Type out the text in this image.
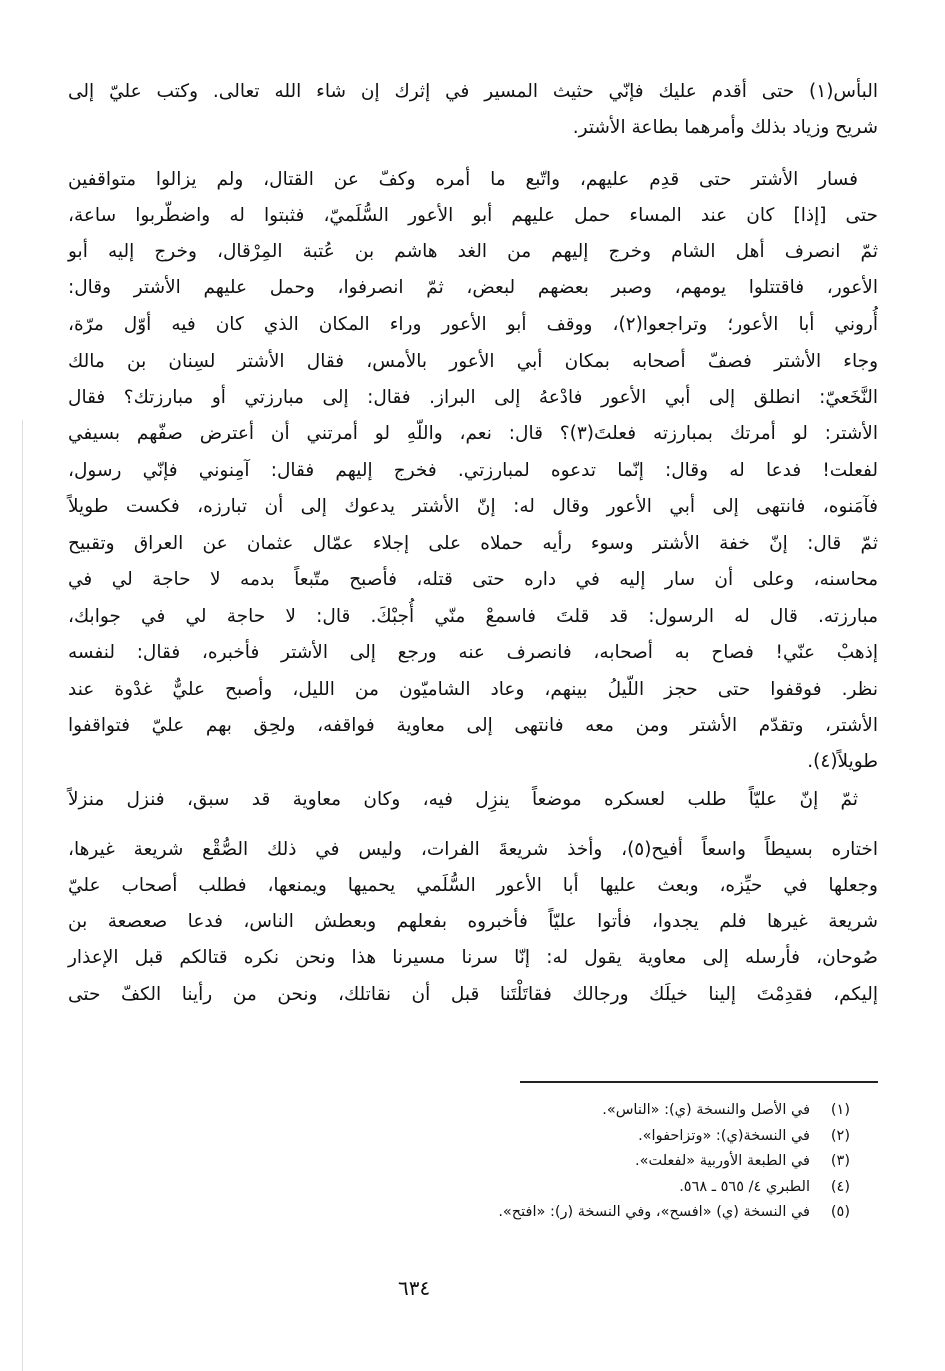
البأس(١) حتى أقدم عليك فإنّي حثيث المسير في إثرك إن شاء الله تعالى. وكتب عليّ إلى
شريح وزياد بذلك وأمرهما بطاعة الأشتر.
فسار الأشتر حتى قدِم عليهم، واتّبع ما أمره وكفّ عن القتال، ولم يزالوا متواقفين
حتى [إذا] كان عند المساء حمل عليهم أبو الأعور السُّلَميّ، فثبتوا له واضطّربوا ساعة،
ثمّ انصرف أهل الشام وخرج إليهم من الغد هاشم بن عُتبة المِرْقال، وخرج إليه أبو
الأعور، فاقتتلوا يومهم، وصبر بعضهم لبعض، ثمّ انصرفوا، وحمل عليهم الأشتر وقال:
أُروني أبا الأعور؛ وتراجعوا(٢)، ووقف أبو الأعور وراء المكان الذي كان فيه أوّل مرّة،
وجاء الأشتر فصفّ أصحابه بمكان أبي الأعور بالأمس، فقال الأشتر لسِنان بن مالك
النَّخَعيّ: انطلق إلى أبي الأعور فادْعهُ إلى البراز. فقال: إلى مبارزتي أو مبارزتك؟ فقال
الأشتر: لو أمرتك بمبارزته فعلتَ(٣)؟ قال: نعم، واللّهِ لو أمرتني أن أعترض صفّهم بسيفي
لفعلت! فدعا له وقال: إنّما تدعوه لمبارزتي. فخرج إليهم فقال: آمِنوني فإنّي رسول،
فآمَنوه، فانتهى إلى أبي الأعور وقال له: إنّ الأشتر يدعوك إلى أن تبارزه، فكست طويلاً
ثمّ قال: إنّ خفة الأشتر وسوء رأيه حملاه على إجلاء عمّال عثمان عن العراق وتقبيح
محاسنه، وعلى أن سار إليه في داره حتى قتله، فأصبح متّبعاً بدمه لا حاجة لي في
مبارزته. قال له الرسول: قد قلتَ فاسمعْ منّي أُجبْكَ. قال: لا حاجة لي في جوابك،
إذهبْ عنّي! فصاح به أصحابه، فانصرف عنه ورجع إلى الأشتر فأخبره، فقال: لنفسه
نظر. فوقفوا حتى حجز اللّيلُ بينهم، وعاد الشاميّون من الليل، وأصبح عليٌّ غدْوة عند
الأشتر، وتقدّم الأشتر ومن معه فانتهى إلى معاوية فواقفه، ولحِق بهم عليّ فتواقفوا
طويلاً(٤).
ثمّ إنّ عليّاً طلب لعسكره موضعاً ينزِل فيه، وكان معاوية قد سبق، فنزل منزلاً
اختاره بسيطاً واسعاً أفيح(٥)، وأخذ شريعةَ الفرات، وليس في ذلك الصُّقْع شريعة غيرها،
وجعلها في حيِّزه، وبعث عليها أبا الأعور السُّلَمي يحميها ويمنعها، فطلب أصحاب عليّ
شريعة غيرها فلم يجدوا، فأتوا عليّاً فأخبروه بفعلهم وبعطش الناس، فدعا صعصعة بن
صُوحان، فأرسله إلى معاوية يقول له: إنّا سرنا مسيرنا هذا ونحن نكره قتالكم قبل الإعذار
إليكم، فقدِمْتَ إلينا خيلَك ورجالك فقاتَلْتَنا قبل أن نقاتلك، ونحن من رأينا الكفّ حتى
(١)في الأصل والنسخة (ي): «الناس».
(٢)في النسخة(ي): «وتزاحفوا».
(٣)في الطبعة الأوربية «لفعلت».
(٤)الطبري ٤/ ٥٦٥ ـ ٥٦٨.
(٥)في النسخة (ي) «افسح»، وفي النسخة (ر): «افتح».
٦٣٤
